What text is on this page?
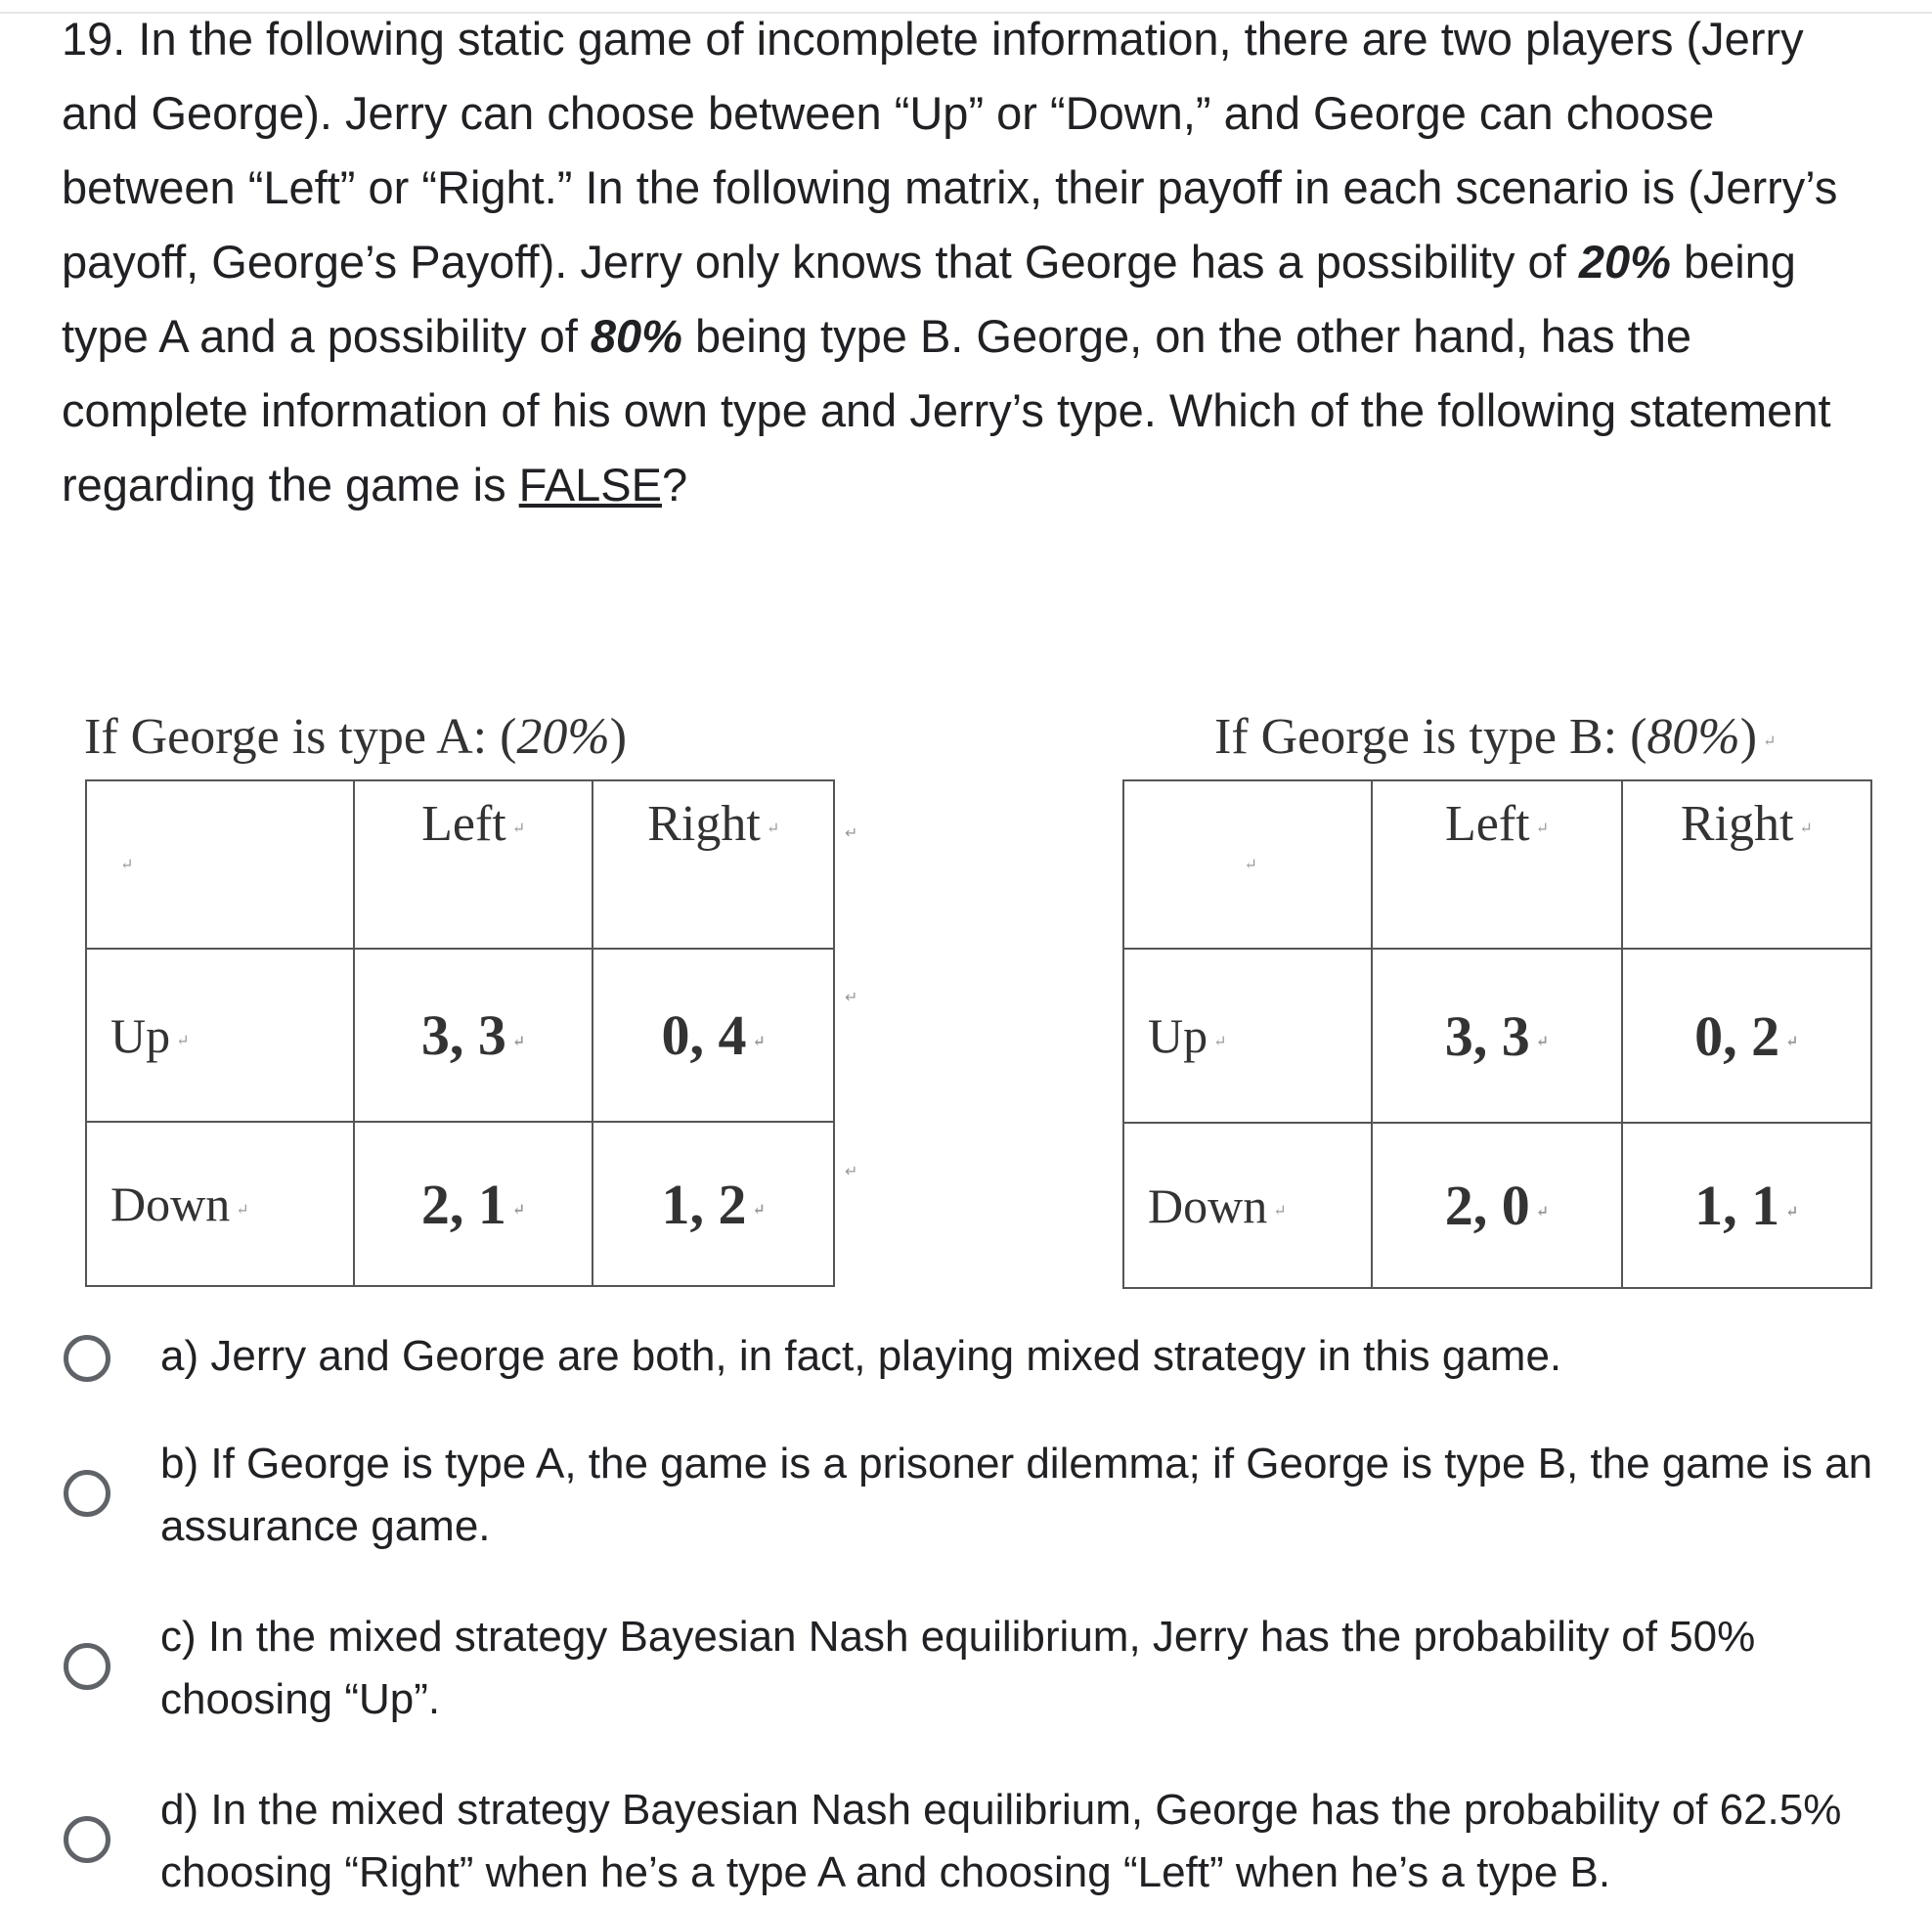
19. In the following static game of incomplete information, there are two players (Jerry and George). Jerry can choose between “Up” or “Down,” and George can choose between “Left” or “Right.” In the following matrix, their payoff in each scenario is (Jerry’s payoff, George’s Payoff). Jerry only knows that George has a possibility of 20% being type A and a possibility of 80% being type B. George, on the other hand, has the complete information of his own type and Jerry’s type. Which of the following statement regarding the game is FALSE?
If George is type A: (20%)
↵	Left ↵	Right ↵
Up ↵	3, 3 ↵	0, 4 ↵
Down ↵	2, 1 ↵	1, 2 ↵
↵
↵
↵
If George is type B: (80%) ↵
↵	Left ↵	Right ↵
Up ↵	3, 3 ↵	0, 2 ↵
Down ↵	2, 0 ↵	1, 1 ↵
a) Jerry and George are both, in fact, playing mixed strategy in this game.
b) If George is type A, the game is a prisoner dilemma; if George is type B, the game is an assurance game.
c) In the mixed strategy Bayesian Nash equilibrium, Jerry has the probability of 50% choosing “Up”.
d) In the mixed strategy Bayesian Nash equilibrium, George has the probability of 62.5% choosing “Right” when he’s a type A and choosing “Left” when he’s a type B.
